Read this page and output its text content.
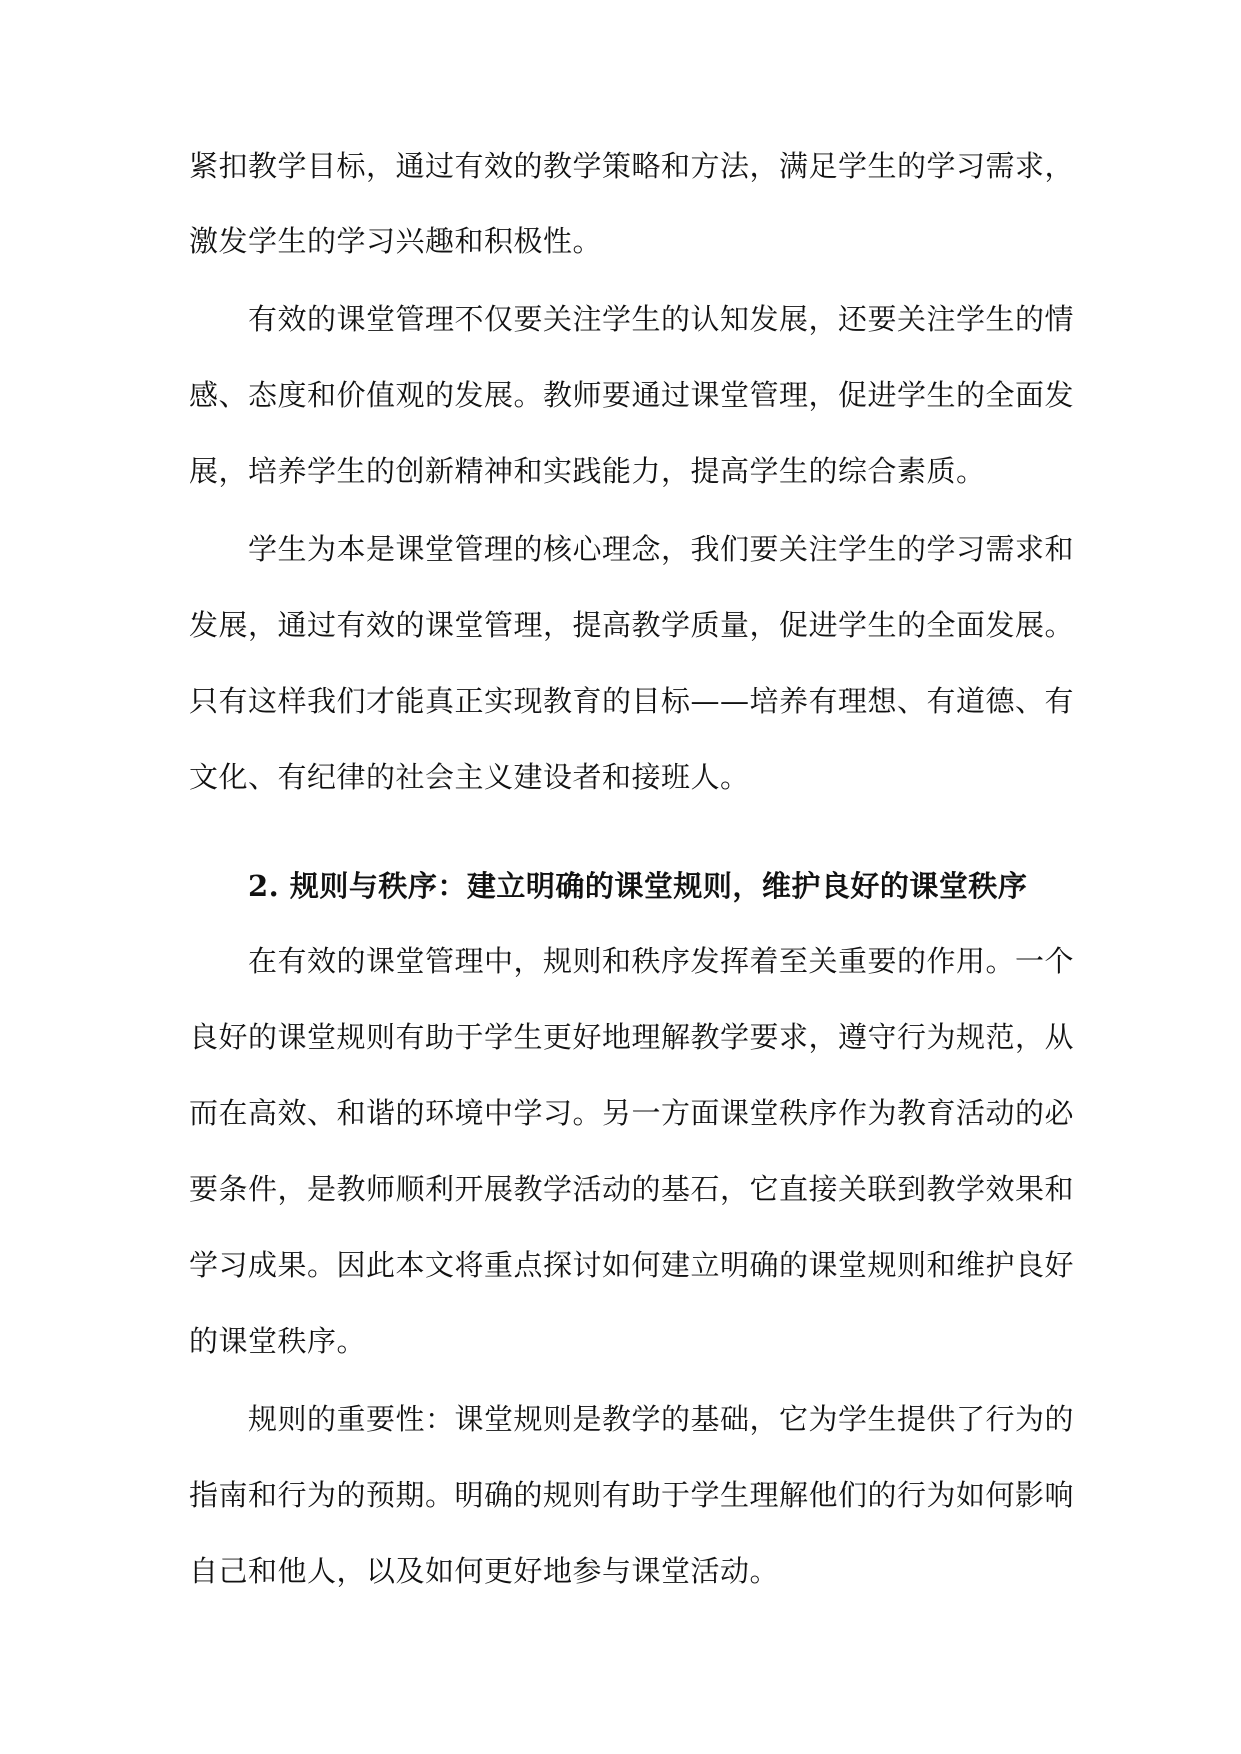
紧扣教学目标，通过有效的教学策略和方法，满足学生的学习需求，
激发学生的学习兴趣和积极性。
　　有效的课堂管理不仅要关注学生的认知发展，还要关注学生的情
感、态度和价值观的发展。教师要通过课堂管理，促进学生的全面发
展，培养学生的创新精神和实践能力，提高学生的综合素质。
　　学生为本是课堂管理的核心理念，我们要关注学生的学习需求和
发展，通过有效的课堂管理，提高教学质量，促进学生的全面发展。
只有这样我们才能真正实现教育的目标——培养有理想、有道德、有
文化、有纪律的社会主义建设者和接班人。
　　2. 规则与秩序：建立明确的课堂规则，维护良好的课堂秩序
　　在有效的课堂管理中，规则和秩序发挥着至关重要的作用。一个
良好的课堂规则有助于学生更好地理解教学要求，遵守行为规范，从
而在高效、和谐的环境中学习。另一方面课堂秩序作为教育活动的必
要条件，是教师顺利开展教学活动的基石，它直接关联到教学效果和
学习成果。因此本文将重点探讨如何建立明确的课堂规则和维护良好
的课堂秩序。
　　规则的重要性：课堂规则是教学的基础，它为学生提供了行为的
指南和行为的预期。明确的规则有助于学生理解他们的行为如何影响
自己和他人，以及如何更好地参与课堂活动。
